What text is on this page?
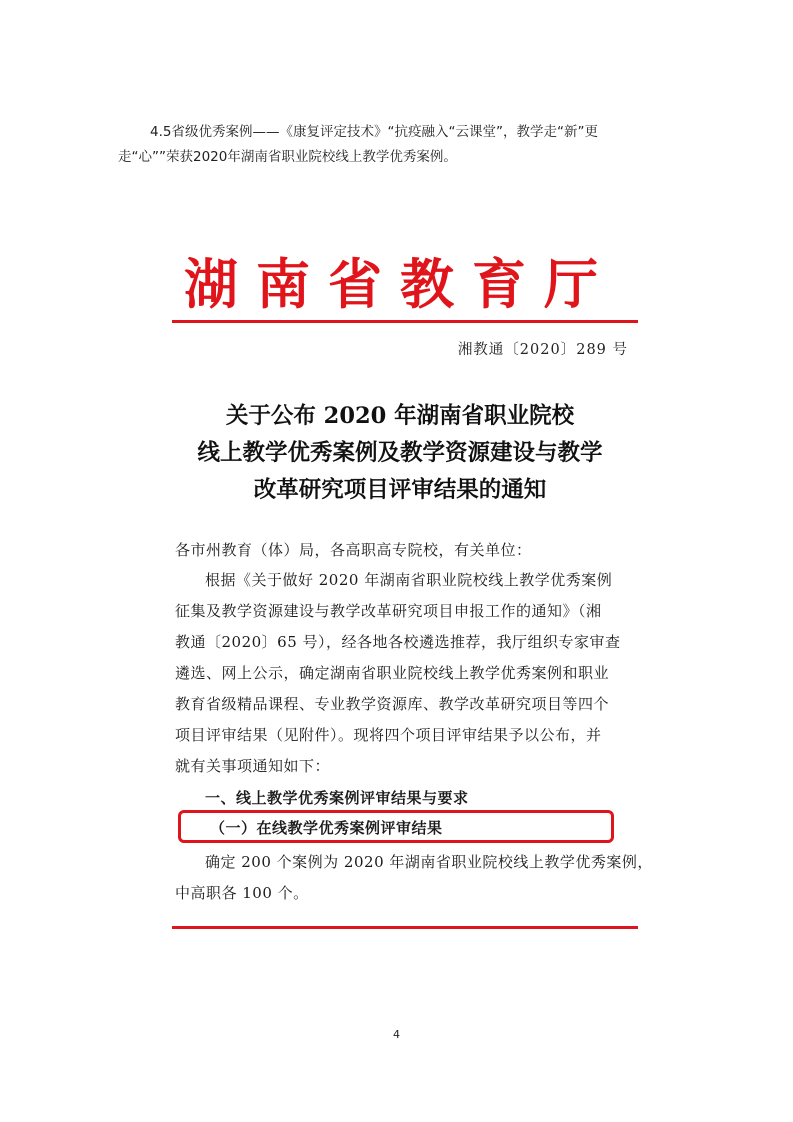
4.5省级优秀案例——《康复评定技术》“抗疫融入“云课堂”，教学走“新”更
走“心””荣获2020年湖南省职业院校线上教学优秀案例。
湖南省教育厅
湘教通〔2020〕289 号
关于公布 2020 年湖南省职业院校
线上教学优秀案例及教学资源建设与教学
改革研究项目评审结果的通知
各市州教育（体）局，各高职高专院校，有关单位：
根据《关于做好 2020 年湖南省职业院校线上教学优秀案例
征集及教学资源建设与教学改革研究项目申报工作的通知》（湘
教通〔2020〕65 号），经各地各校遴选推荐，我厅组织专家审查
遴选、网上公示，确定湖南省职业院校线上教学优秀案例和职业
教育省级精品课程、专业教学资源库、教学改革研究项目等四个
项目评审结果（见附件）。现将四个项目评审结果予以公布，并
就有关事项通知如下：
一、线上教学优秀案例评审结果与要求
（一）在线教学优秀案例评审结果
确定 200 个案例为 2020 年湖南省职业院校线上教学优秀案例，
中高职各 100 个。
4
